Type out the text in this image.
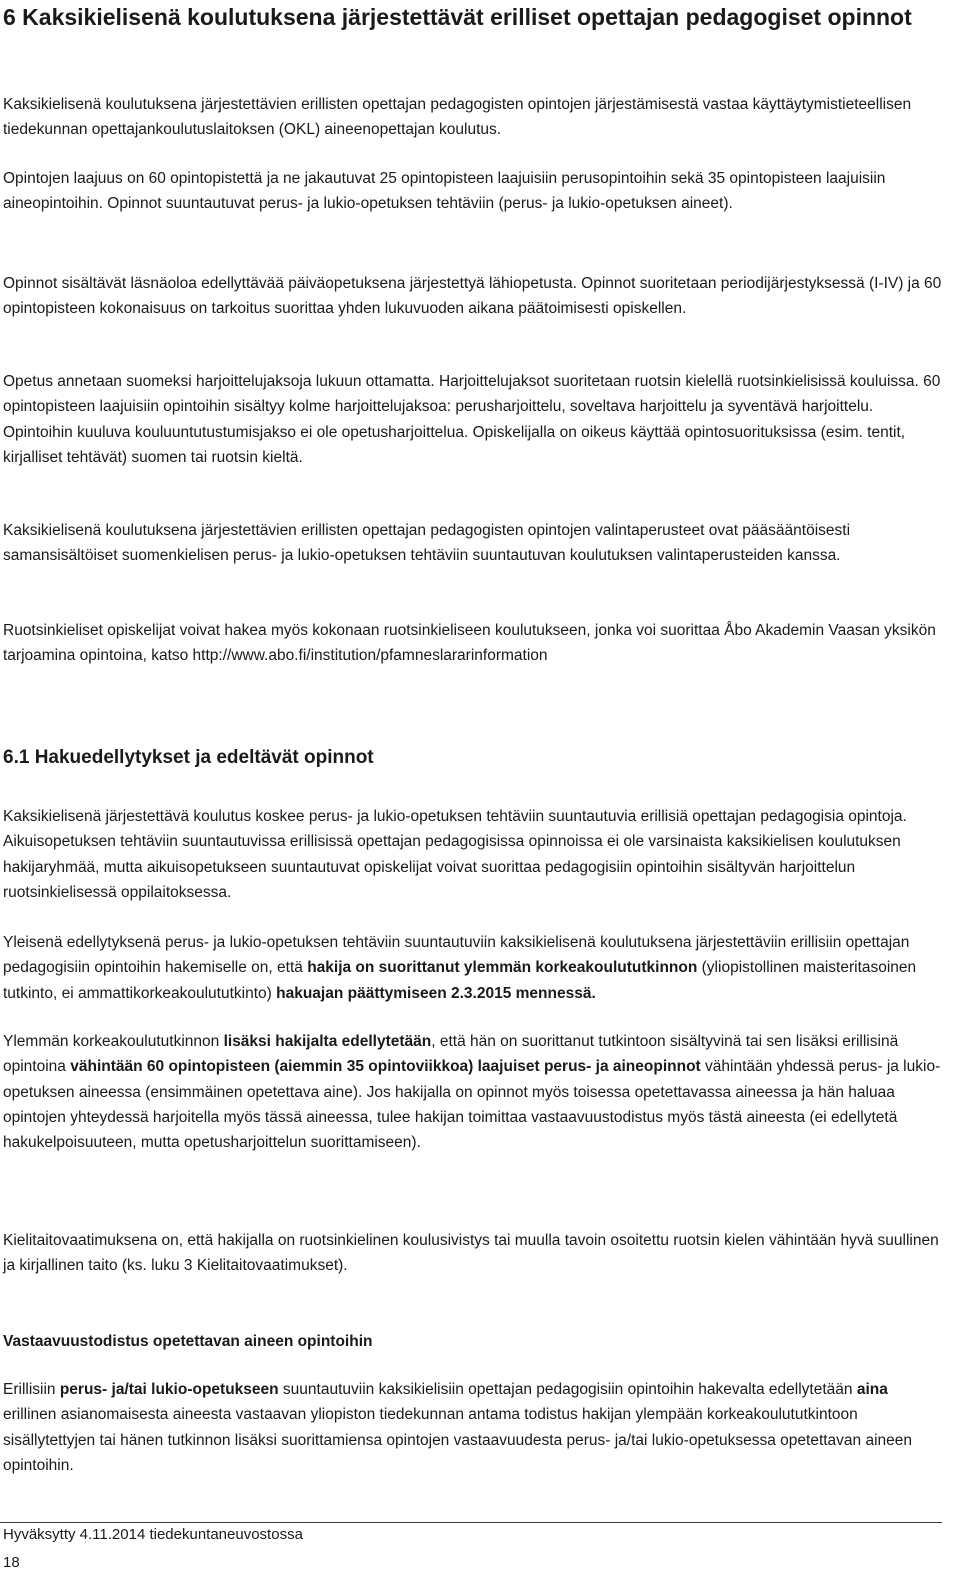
6 Kaksikielisenä koulutuksena järjestettävät erilliset opettajan pedagogiset opinnot

Kaksikielisenä koulutuksena järjestettävien erillisten opettajan pedagogisten opintojen järjestämisestä vastaa käyttäytymistieteellisen tiedekunnan opettajankoulutuslaitoksen (OKL) aineenopettajan koulutus.

Opintojen laajuus on 60 opintopistettä ja ne jakautuvat 25 opintopisteen laajuisiin perusopintoihin sekä 35 opintopisteen laajuisiin aineopintoihin. Opinnot suuntautuvat perus- ja lukio-opetuksen tehtäviin (perus- ja lukio-opetuksen aineet).

Opinnot sisältävät läsnäoloa edellyttävää päiväopetuksena järjestettyä lähiopetusta. Opinnot suoritetaan periodijärjestyksessä (I-IV) ja 60 opintopisteen kokonaisuus on tarkoitus suorittaa yhden lukuvuoden aikana päätoimisesti opiskellen.

Opetus annetaan suomeksi harjoittelujaksoja lukuun ottamatta. Harjoittelujaksot suoritetaan ruotsin kielellä ruotsinkielisissä kouluissa. 60 opintopisteen laajuisiin opintoihin sisältyy kolme harjoittelujaksoa: perusharjoittelu, soveltava harjoittelu ja syventävä harjoittelu. Opintoihin kuuluva kouluuntutustumisjakso ei ole opetusharjoittelua. Opiskelijalla on oikeus käyttää opintosuorituksissa (esim. tentit, kirjalliset tehtävät) suomen tai ruotsin kieltä.

Kaksikielisenä koulutuksena järjestettävien erillisten opettajan pedagogisten opintojen valintaperusteet ovat pääsääntöisesti samansisältöiset suomenkielisen perus- ja lukio-opetuksen tehtäviin suuntautuvan koulutuksen valintaperusteiden kanssa.

Ruotsinkieliset opiskelijat voivat hakea myös kokonaan ruotsinkieliseen koulutukseen, jonka voi suorittaa Åbo Akademin Vaasan yksikön tarjoamina opintoina, katso http://www.abo.fi/institution/pfamneslararinformation

6.1 Hakuedellytykset ja edeltävät opinnot

Kaksikielisenä järjestettävä koulutus koskee perus- ja lukio-opetuksen tehtäviin suuntautuvia erillisiä opettajan pedagogisia opintoja. Aikuisopetuksen tehtäviin suuntautuvissa erillisissä opettajan pedagogisissa opinnoissa ei ole varsinaista kaksikielisen koulutuksen hakijaryhmää, mutta aikuisopetukseen suuntautuvat opiskelijat voivat suorittaa pedagogisiin opintoihin sisältyvän harjoittelun ruotsinkielisessä oppilaitoksessa.

Yleisenä edellytyksenä perus- ja lukio-opetuksen tehtäviin suuntautuviin kaksikielisenä koulutuksena järjestettäviin erillisiin opettajan pedagogisiin opintoihin hakemiselle on, että hakija on suorittanut ylemmän korkeakoulututkinnon (yliopistollinen maisteritasoinen tutkinto, ei ammattikorkeakoulututkinto) hakuajan päättymiseen 2.3.2015 mennessä.

Ylemmän korkeakoulututkinnon lisäksi hakijalta edellytetään, että hän on suorittanut tutkintoon sisältyvinä tai sen lisäksi erillisinä opintoina vähintään 60 opintopisteen (aiemmin 35 opintoviikkoa) laajuiset perus- ja aineopinnot vähintään yhdessä perus- ja lukio-opetuksen aineessa (ensimmäinen opetettava aine). Jos hakijalla on opinnot myös toisessa opetettavassa aineessa ja hän haluaa opintojen yhteydessä harjoitella myös tässä aineessa, tulee hakijan toimittaa vastaavuustodistus myös tästä aineesta (ei edellytetä hakukelpoisuuteen, mutta opetusharjoittelun suorittamiseen).

Kielitaitovaatimuksena on, että hakijalla on ruotsinkielinen koulusivistys tai muulla tavoin osoitettu ruotsin kielen vähintään hyvä suullinen ja kirjallinen taito (ks. luku 3 Kielitaitovaatimukset).

Vastaavuustodistus opetettavan aineen opintoihin

Erillisiin perus- ja/tai lukio-opetukseen suuntautuviin kaksikielisiin opettajan pedagogisiin opintoihin hakevalta edellytetään aina erillinen asianomaisesta aineesta vastaavan yliopiston tiedekunnan antama todistus hakijan ylempään korkeakoulututkintoon sisällytettyjen tai hänen tutkinnon lisäksi suorittamiensa opintojen vastaavuudesta perus- ja/tai lukio-opetuksessa opetettavan aineen opintoihin.

Hyväksytty 4.11.2014 tiedekuntaneuvostossa

18
